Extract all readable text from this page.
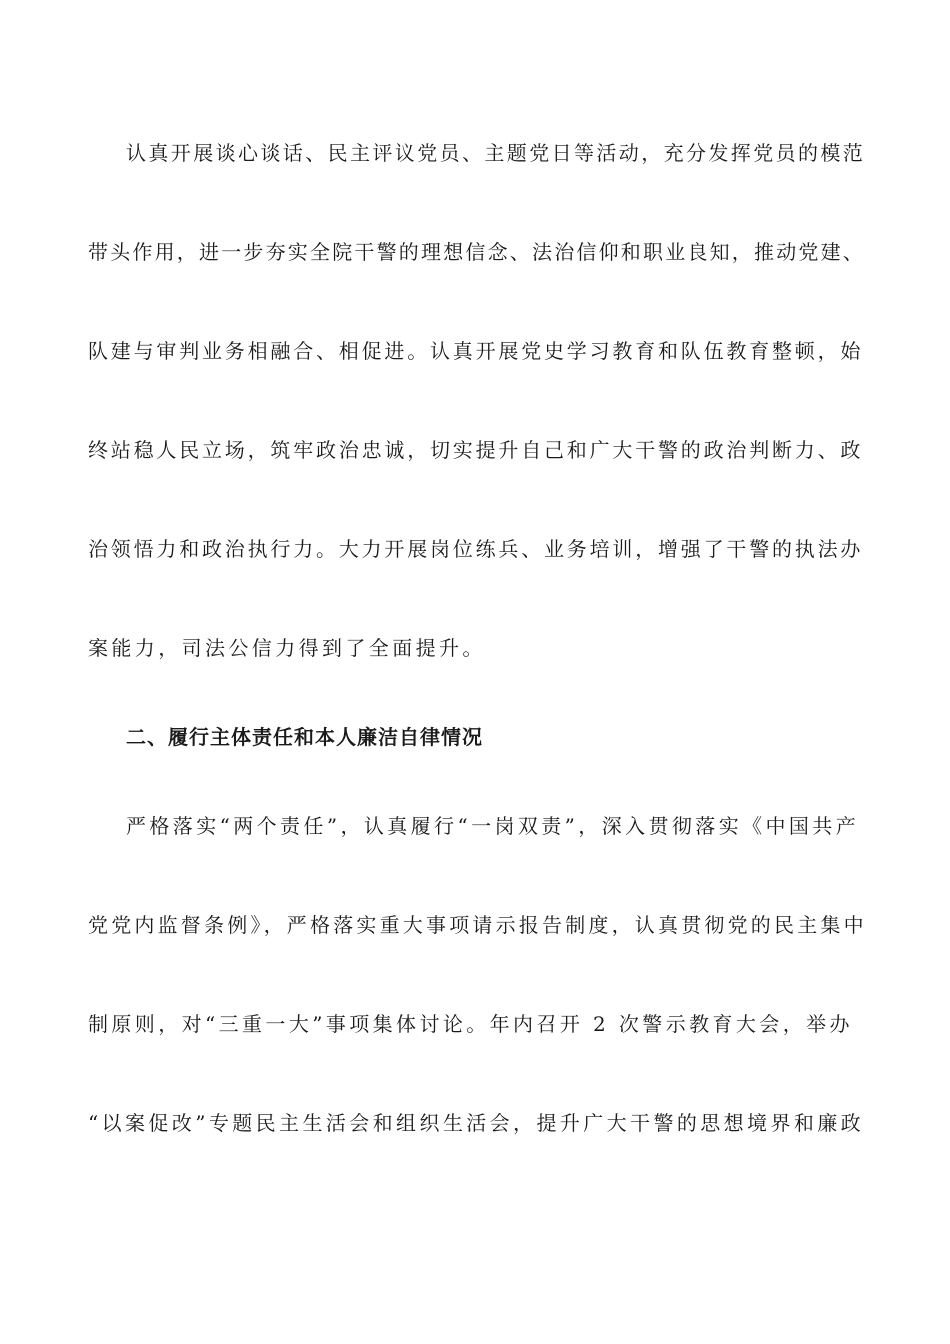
认真开展谈心谈话、民主评议党员、主题党日等活动，充分发挥党员的模范
带头作用，进一步夯实全院干警的理想信念、法治信仰和职业良知，推动党建、
队建与审判业务相融合、相促进。认真开展党史学习教育和队伍教育整顿，始
终站稳人民立场，筑牢政治忠诚，切实提升自己和广大干警的政治判断力、政
治领悟力和政治执行力。大力开展岗位练兵、业务培训，增强了干警的执法办
案能力，司法公信力得到了全面提升。
二、履行主体责任和本人廉洁自律情况
严格落实“两个责任”，认真履行“一岗双责”，深入贯彻落实《中国共产
党党内监督条例》，严格落实重大事项请示报告制度，认真贯彻党的民主集中
制原则，对“三重一大”事项集体讨论。年内召开 2 次警示教育大会，举办
“以案促改”专题民主生活会和组织生活会，提升广大干警的思想境界和廉政
